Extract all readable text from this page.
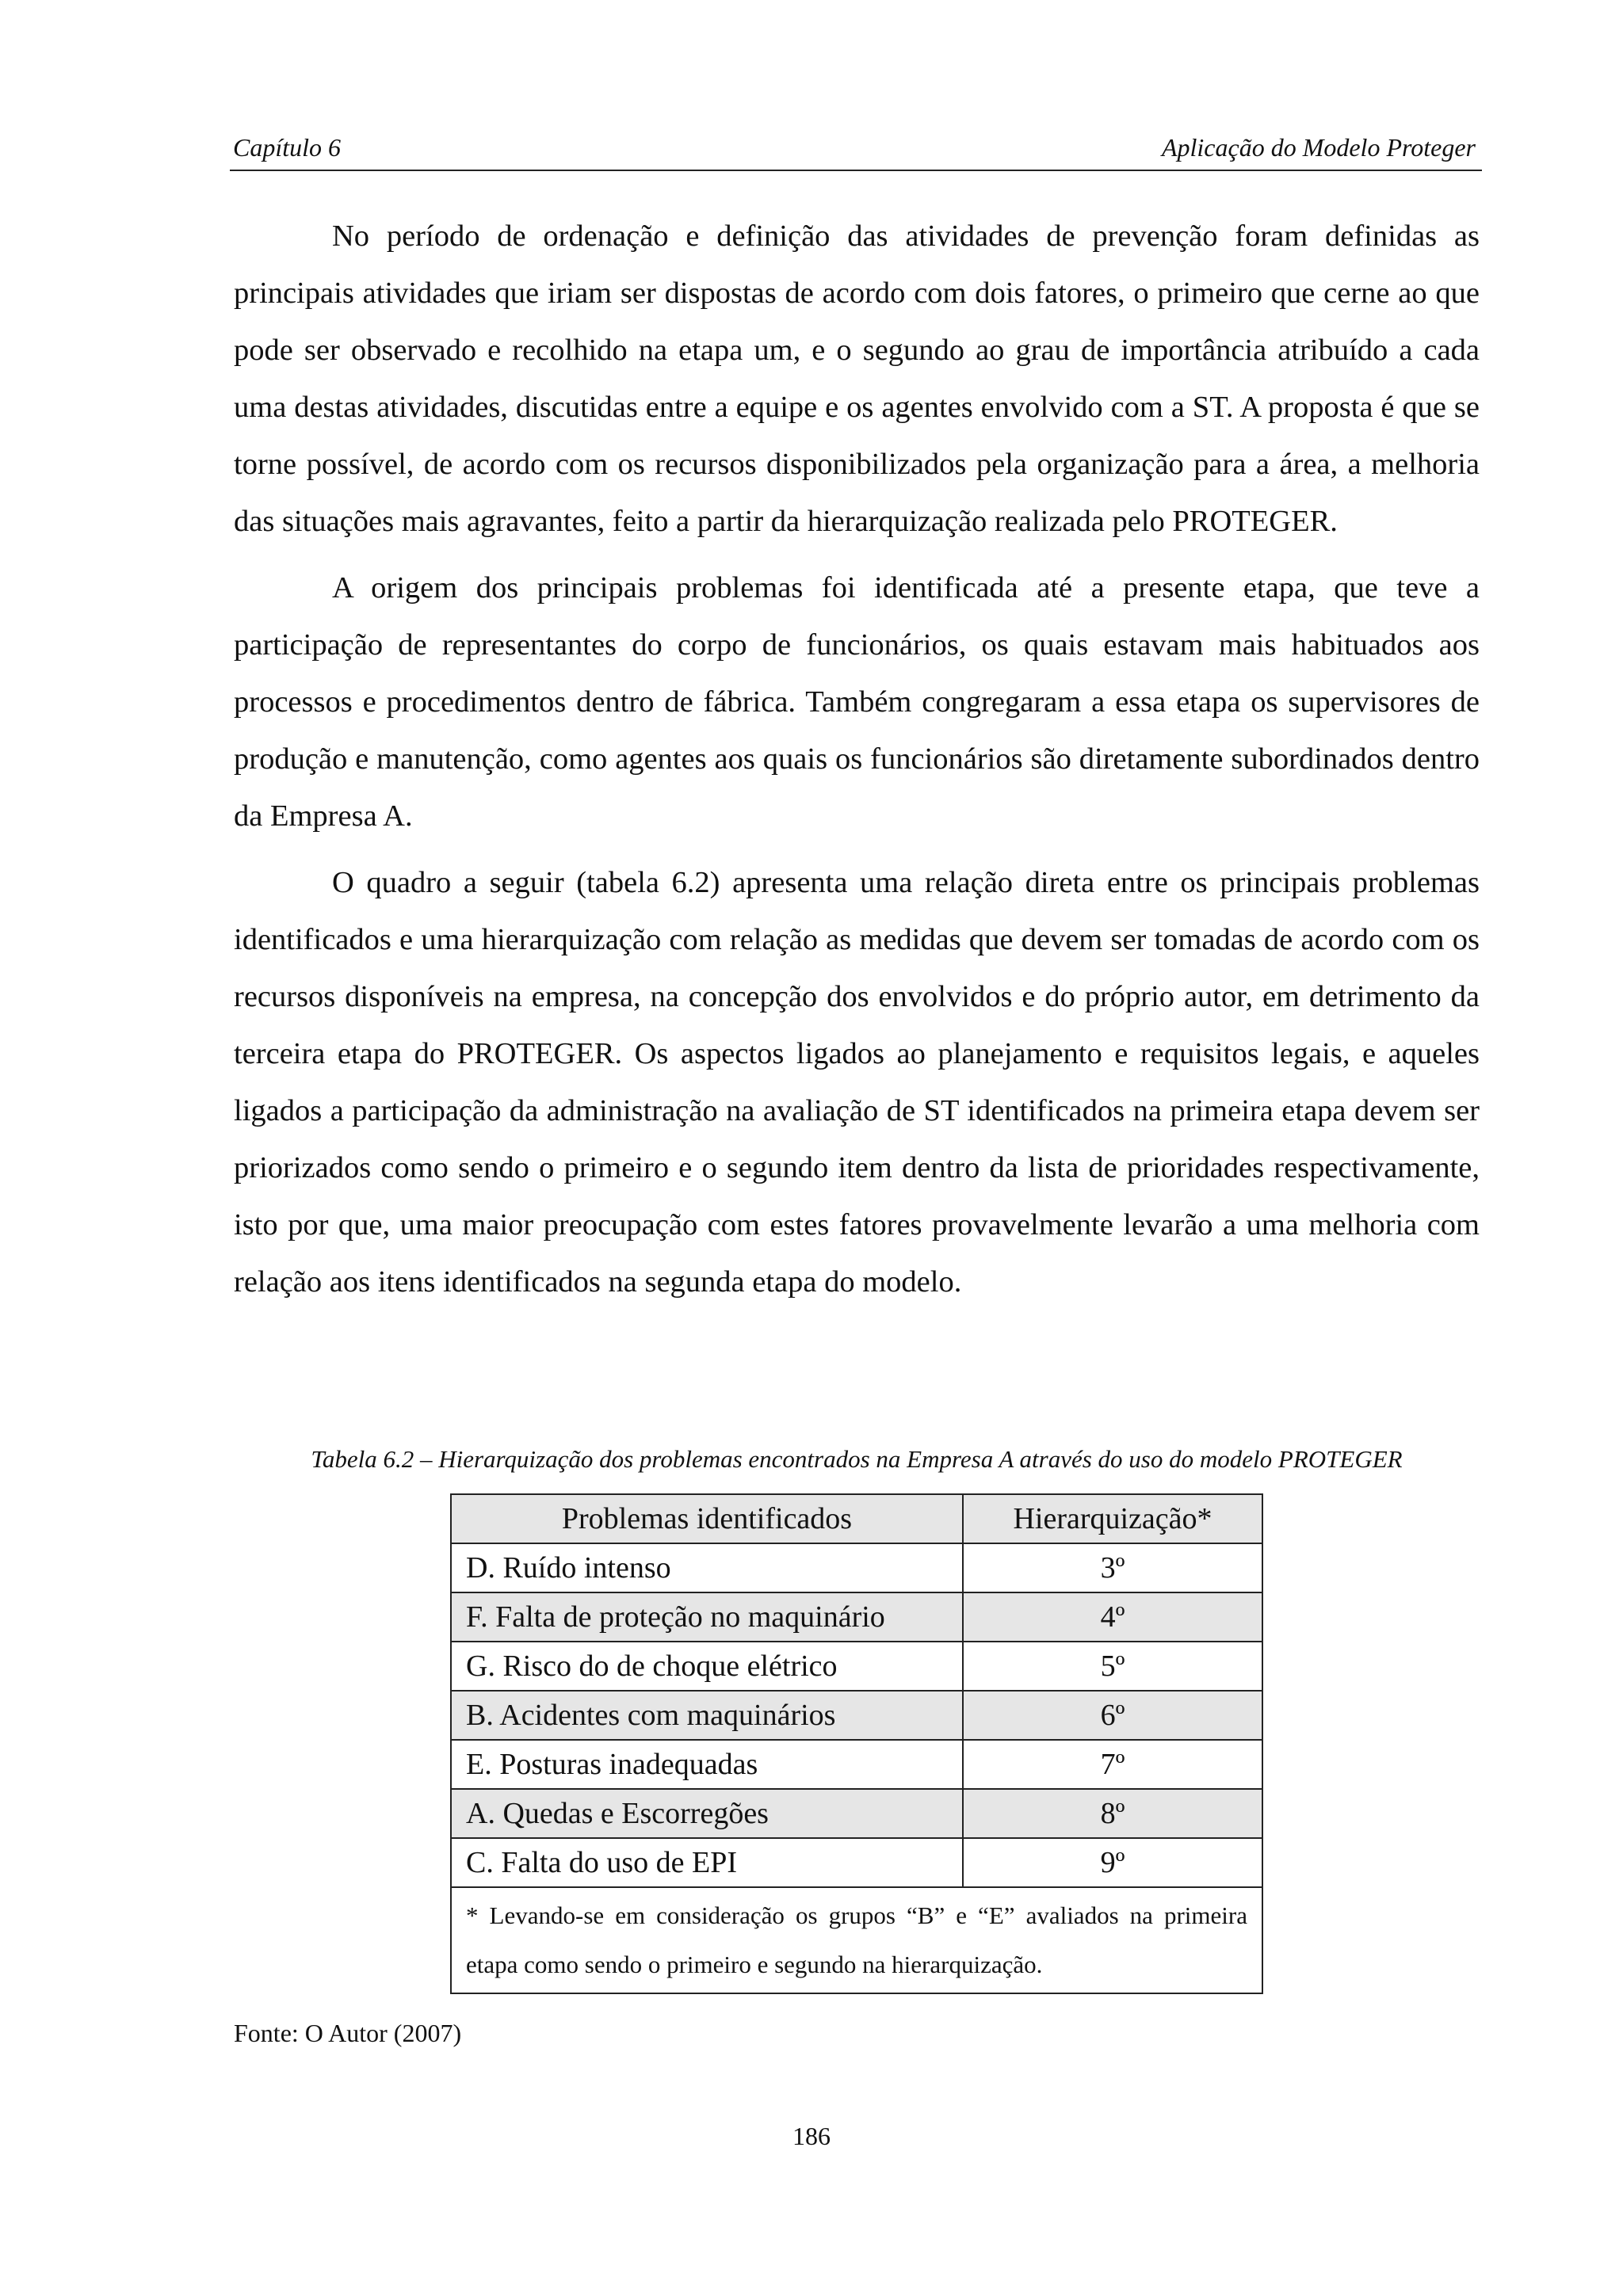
Capítulo 6	Aplicação do Modelo Proteger

No período de ordenação e definição das atividades de prevenção foram definidas as principais atividades que iriam ser dispostas de acordo com dois fatores, o primeiro que cerne ao que pode ser observado e recolhido na etapa um, e o segundo ao grau de importância atribuído a cada uma destas atividades, discutidas entre a equipe e os agentes envolvido com a ST. A proposta é que se torne possível, de acordo com os recursos disponibilizados pela organização para a área, a melhoria das situações mais agravantes, feito a partir da hierarquização realizada pelo PROTEGER.

A origem dos principais problemas foi identificada até a presente etapa, que teve a participação de representantes do corpo de funcionários, os quais estavam mais habituados aos processos e procedimentos dentro de fábrica. Também congregaram a essa etapa os supervisores de produção e manutenção, como agentes aos quais os funcionários são diretamente subordinados dentro da Empresa A.

O quadro a seguir (tabela 6.2) apresenta uma relação direta entre os principais problemas identificados e uma hierarquização com relação as medidas que devem ser tomadas de acordo com os recursos disponíveis na empresa, na concepção dos envolvidos e do próprio autor, em detrimento da terceira etapa do PROTEGER. Os aspectos ligados ao planejamento e requisitos legais, e aqueles ligados a participação da administração na avaliação de ST identificados na primeira etapa devem ser priorizados como sendo o primeiro e o segundo item dentro da lista de prioridades respectivamente, isto por que, uma maior preocupação com estes fatores provavelmente levarão a uma melhoria com relação aos itens identificados na segunda etapa do modelo.

Tabela 6.2 – Hierarquização dos problemas encontrados na Empresa A através do uso do modelo PROTEGER
Problemas identificados	Hierarquização*
D. Ruído intenso	3º
F. Falta de proteção no maquinário	4º
G. Risco do de choque elétrico	5º
B. Acidentes com maquinários	6º
E. Posturas inadequadas	7º
A. Quedas e Escorregões	8º
C. Falta do uso de EPI	9º
* Levando-se em consideração os grupos “B” e “E” avaliados na primeira etapa como sendo o primeiro e segundo na hierarquização.	
Fonte: O Autor (2007)
186
